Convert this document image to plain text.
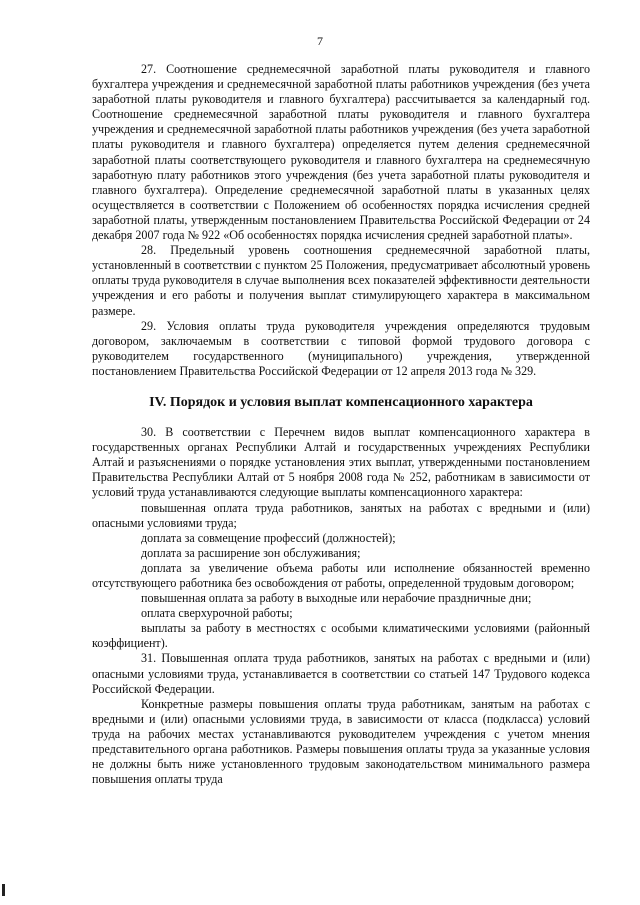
7

27. Соотношение среднемесячной заработной платы руководителя и главного бухгалтера учреждения и среднемесячной заработной платы работников учреждения (без учета заработной платы руководителя и главного бухгалтера) рассчитывается за календарный год. Соотношение среднемесячной заработной платы руководителя и главного бухгалтера учреждения и среднемесячной заработной платы работников учреждения (без учета заработной платы руководителя и главного бухгалтера) определяется путем деления среднемесячной заработной платы соответствующего руководителя и главного бухгалтера на среднемесячную заработную плату работников этого учреждения (без учета заработной платы руководителя и главного бухгалтера). Определение среднемесячной заработной платы в указанных целях осуществляется в соответствии с Положением об особенностях порядка исчисления средней заработной платы, утвержденным постановлением Правительства Российской Федерации от 24 декабря 2007 года № 922 «Об особенностях порядка исчисления средней заработной платы».

28. Предельный уровень соотношения среднемесячной заработной платы, установленный в соответствии с пунктом 25 Положения, предусматривает абсолютный уровень оплаты труда руководителя в случае выполнения всех показателей эффективности деятельности учреждения и его работы и получения выплат стимулирующего характера в максимальном размере.

29. Условия оплаты труда руководителя учреждения определяются трудовым договором, заключаемым в соответствии с типовой формой трудового договора с руководителем государственного (муниципального) учреждения, утвержденной постановлением Правительства Российской Федерации от 12 апреля 2013 года № 329.

IV. Порядок и условия выплат компенсационного характера

30. В соответствии с Перечнем видов выплат компенсационного характера в государственных органах Республики Алтай и государственных учреждениях Республики Алтай и разъяснениями о порядке установления этих выплат, утвержденными постановлением Правительства Республики Алтай от 5 ноября 2008 года № 252, работникам в зависимости от условий труда устанавливаются следующие выплаты компенсационного характера:

повышенная оплата труда работников, занятых на работах с вредными и (или) опасными условиями труда;

доплата за совмещение профессий (должностей);

доплата за расширение зон обслуживания;

доплата за увеличение объема работы или исполнение обязанностей временно отсутствующего работника без освобождения от работы, определенной трудовым договором;

повышенная оплата за работу в выходные или нерабочие праздничные дни;

оплата сверхурочной работы;

выплаты за работу в местностях с особыми климатическими условиями (районный коэффициент).

31. Повышенная оплата труда работников, занятых на работах с вредными и (или) опасными условиями труда, устанавливается в соответствии со статьей 147 Трудового кодекса Российской Федерации.

Конкретные размеры повышения оплаты труда работникам, занятым на работах с вредными и (или) опасными условиями труда, в зависимости от класса (подкласса) условий труда на рабочих местах устанавливаются руководителем учреждения с учетом мнения представительного органа работников. Размеры повышения оплаты труда за указанные условия не должны быть ниже установленного трудовым законодательством минимального размера повышения оплаты труда
